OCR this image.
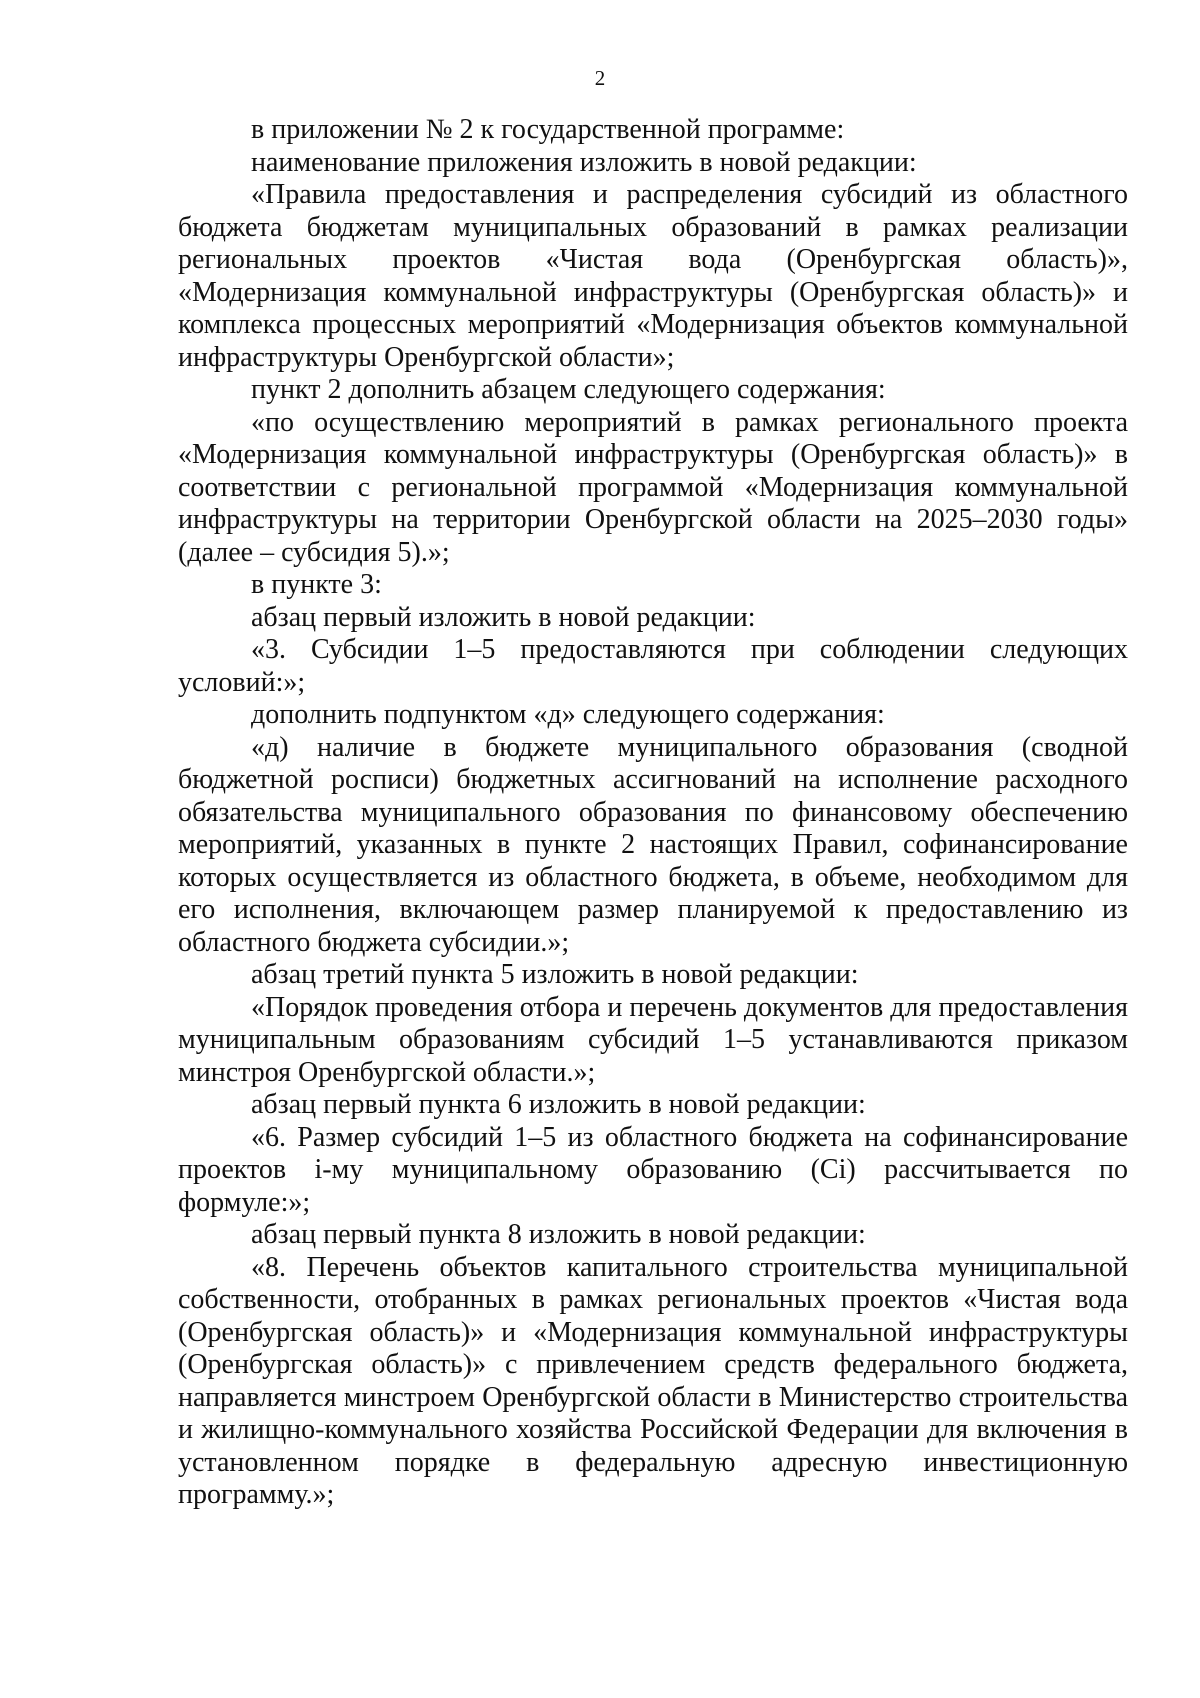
2

в приложении № 2 к государственной программе:

наименование приложения изложить в новой редакции:

«Правила предоставления и распределения субсидий из областного бюджета бюджетам муниципальных образований в рамках реализации региональных проектов «Чистая вода (Оренбургская область)», «Модернизация коммунальной инфраструктуры (Оренбургская область)» и комплекса процессных мероприятий «Модернизация объектов коммунальной инфраструктуры Оренбургской области»;

пункт 2 дополнить абзацем следующего содержания:

«по осуществлению мероприятий в рамках регионального проекта «Модернизация коммунальной инфраструктуры (Оренбургская область)» в соответствии с региональной программой «Модернизация коммунальной инфраструктуры на территории Оренбургской области на 2025–2030 годы» (далее – субсидия 5).»;

в пункте 3:

абзац первый изложить в новой редакции:

«3. Субсидии 1–5 предоставляются при соблюдении следующих условий:»;

дополнить подпунктом «д» следующего содержания:

«д) наличие в бюджете муниципального образования (сводной бюджетной росписи) бюджетных ассигнований на исполнение расходного обязательства муниципального образования по финансовому обеспечению мероприятий, указанных в пункте 2 настоящих Правил, софинансирование которых осуществляется из областного бюджета, в объеме, необходимом для его исполнения, включающем размер планируемой к предоставлению из областного бюджета субсидии.»;

абзац третий пункта 5 изложить в новой редакции:

«Порядок проведения отбора и перечень документов для предоставления муниципальным образованиям субсидий 1–5 устанавливаются приказом минстроя Оренбургской области.»;

абзац первый пункта 6 изложить в новой редакции:

«6. Размер субсидий 1–5 из областного бюджета на софинансирование проектов i-му муниципальному образованию (Ci) рассчитывается по формуле:»;

абзац первый пункта 8 изложить в новой редакции:

«8. Перечень объектов капитального строительства муниципальной собственности, отобранных в рамках региональных проектов «Чистая вода (Оренбургская область)» и «Модернизация коммунальной инфраструктуры (Оренбургская область)» с привлечением средств федерального бюджета, направляется минстроем Оренбургской области в Министерство строительства и жилищно-коммунального хозяйства Российской Федерации для включения в установленном порядке в федеральную адресную инвестиционную программу.»;
